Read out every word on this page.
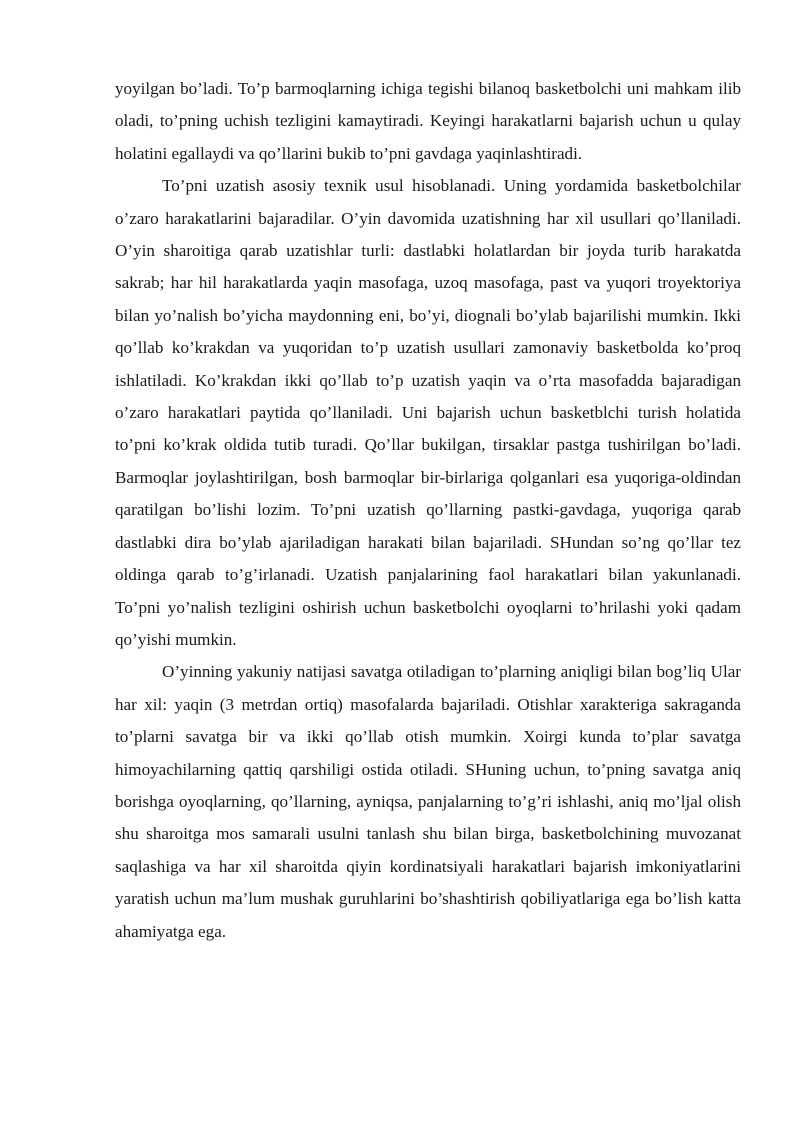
yoyilgan bo’ladi. To’p barmoqlarning ichiga tegishi bilanoq basketbolchi uni mahkam ilib oladi, to’pning uchish tezligini kamaytiradi. Keyingi harakatlarni bajarish uchun u qulay holatini egallaydi va qo’llarini bukib to’pni gavdaga yaqinlashtiradi.

To’pni uzatish asosiy texnik usul hisoblanadi. Uning yordamida basketbolchilar o’zaro harakatlarini bajaradilar. O’yin davomida uzatishning har xil usullari qo’llaniladi. O’yin sharoitiga qarab uzatishlar turli: dastlabki holatlardan bir joyda turib harakatda sakrab; har hil harakatlarda yaqin masofaga, uzoq masofaga, past va yuqori troyektoriya bilan yo’nalish bo’yicha maydonning eni, bo’yi, diognali bo’ylab bajarilishi mumkin. Ikki qo’llab ko’krakdan va yuqoridan to’p uzatish usullari zamonaviy basketbolda ko’proq ishlatiladi. Ko’krakdan ikki qo’llab to’p uzatish yaqin va o’rta masofadda bajaradigan o’zaro harakatlari paytida qo’llaniladi. Uni bajarish uchun basketblchi turish holatida to’pni ko’krak oldida tutib turadi. Qo’llar bukilgan, tirsaklar pastga tushirilgan bo’ladi. Barmoqlar joylashtirilgan, bosh barmoqlar bir-birlariga qolganlari esa yuqoriga-oldindan qaratilgan bo’lishi lozim. To’pni uzatish qo’llarning pastki-gavdaga, yuqoriga qarab dastlabki dira bo’ylab ajariladigan harakati bilan bajariladi. SHundan so’ng qo’llar tez oldinga qarab to’g’irlanadi. Uzatish panjalarining faol harakatlari bilan yakunlanadi. To’pni yo’nalish tezligini oshirish uchun basketbolchi oyoqlarni to’hrilashi yoki qadam qo’yishi mumkin.

O’yinning yakuniy natijasi savatga otiladigan to’plarning aniqligi bilan bog’liq Ular har xil: yaqin (3 metrdan ortiq) masofalarda bajariladi. Otishlar xarakteriga sakraganda to’plarni savatga bir va ikki qo’llab otish mumkin. Xoirgi kunda to’plar savatga himoyachilarning qattiq qarshiligi ostida otiladi. SHuning uchun, to’pning savatga aniq borishga oyoqlarning, qo’llarning, ayniqsa, panjalarning to’g’ri ishlashi, aniq mo’ljal olish shu sharoitga mos samarali usulni tanlash shu bilan birga, basketbolchining muvozanat saqlashiga va har xil sharoitda qiyin kordinatsiyali harakatlari bajarish imkoniyatlarini yaratish uchun ma’lum mushak guruhlarini bo’shashtirish qobiliyatlariga ega bo’lish katta ahamiyatga ega.
